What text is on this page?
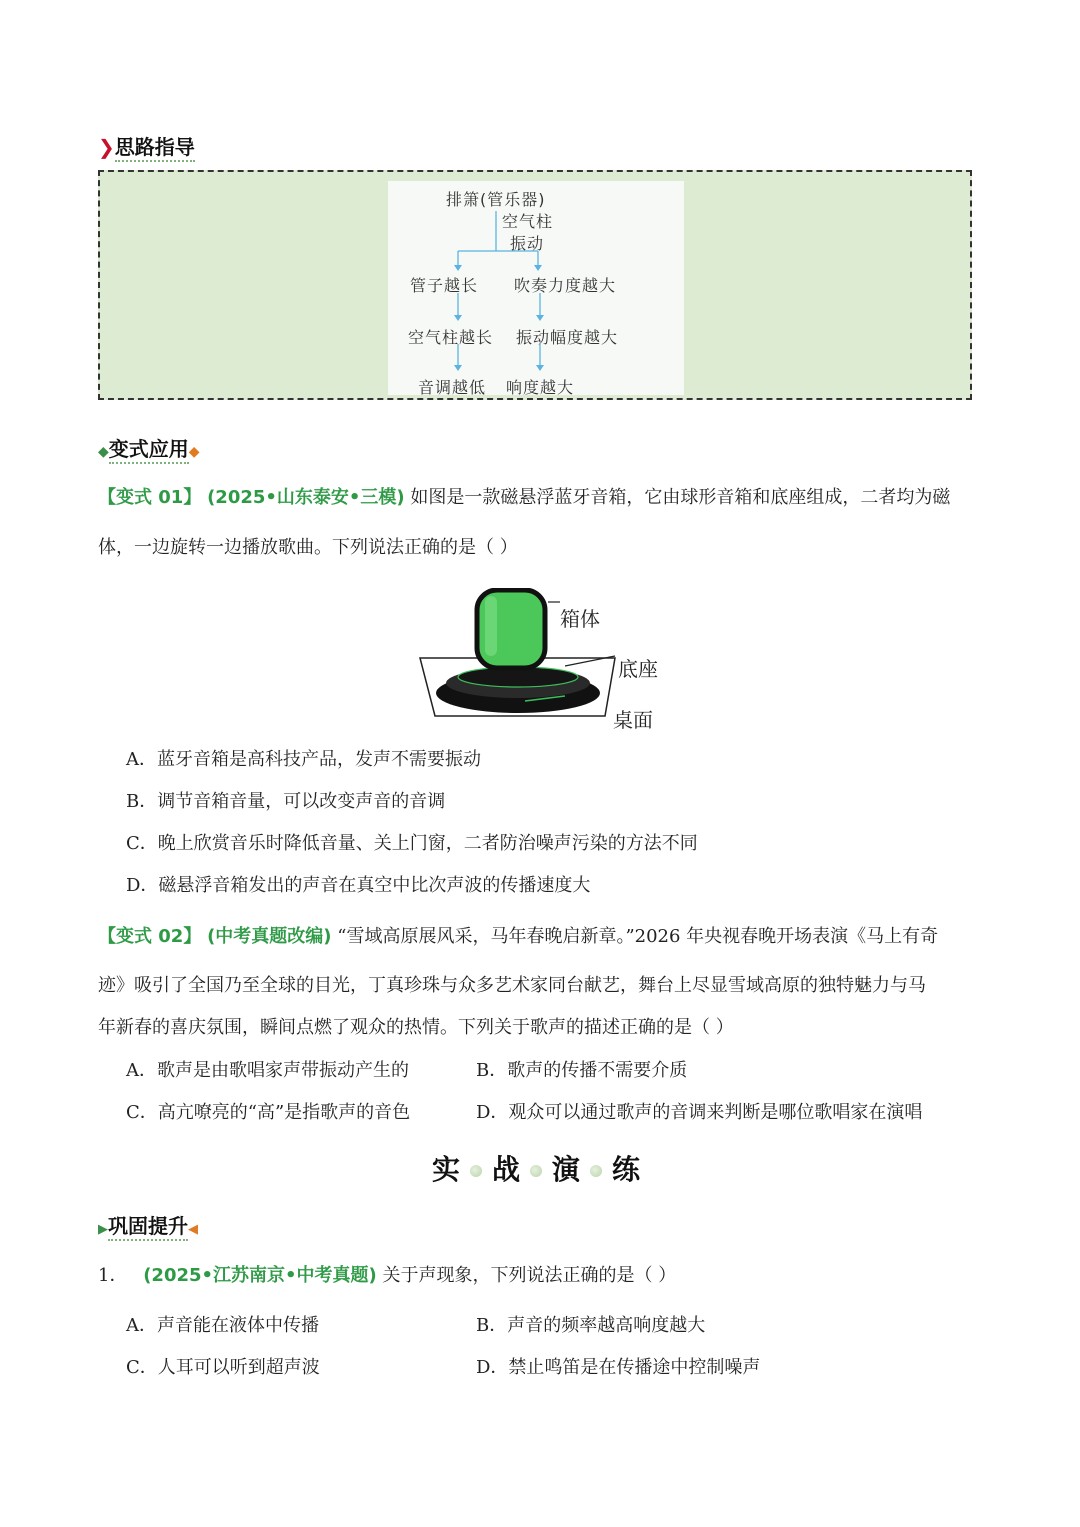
❯思路指导
排箫(管乐器)
空气柱
振动
管子越长 吹奏力度越大
空气柱越长 振动幅度越大
音调越低 响度越大
◆变式应用◆
【变式 01】 (2025•山东泰安•三模) 如图是一款磁悬浮蓝牙音箱，它由球形音箱和底座组成，二者均为磁
体，一边旋转一边播放歌曲。下列说法正确的是（ ）
箱体
底座
桌面
A．蓝牙音箱是高科技产品，发声不需要振动
B．调节音箱音量，可以改变声音的音调
C．晚上欣赏音乐时降低音量、关上门窗，二者防治噪声污染的方法不同
D．磁悬浮音箱发出的声音在真空中比次声波的传播速度大
【变式 02】 (中考真题改编) “雪域高原展风采，马年春晚启新章。”2026 年央视春晚开场表演《马上有奇
迹》吸引了全国乃至全球的目光，丁真珍珠与众多艺术家同台献艺，舞台上尽显雪域高原的独特魅力与马
年新春的喜庆氛围，瞬间点燃了观众的热情。下列关于歌声的描述正确的是（ ）
A．歌声是由歌唱家声带振动产生的	B．歌声的传播不需要介质
C．高亢嘹亮的“高”是指歌声的音色	D．观众可以通过歌声的音调来判断是哪位歌唱家在演唱
实 战 演 练
▶巩固提升◀
1． (2025•江苏南京•中考真题) 关于声现象，下列说法正确的是（ ）
A．声音能在液体中传播	B．声音的频率越高响度越大
C．人耳可以听到超声波	D．禁止鸣笛是在传播途中控制噪声
